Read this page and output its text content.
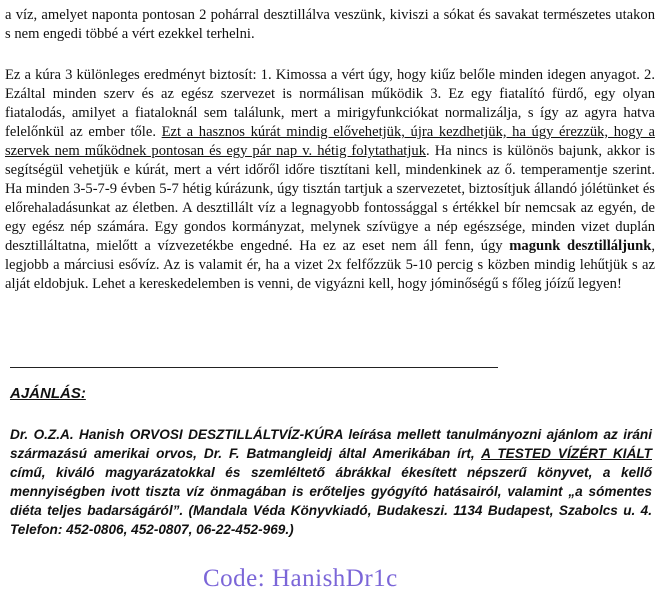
a víz, amelyet naponta pontosan 2 pohárral desztillálva veszünk, kiviszi a sókat és savakat természetes utakon s nem engedi többé a vért ezekkel terhelni.
Ez a kúra 3 különleges eredményt biztosít: 1. Kimossa a vért úgy, hogy kiűz belőle minden idegen anyagot. 2. Ezáltal minden szerv és az egész szervezet is normálisan működik 3. Ez egy fiatalító fürdő, egy olyan fiatalodás, amilyet a fiataloknál sem találunk, mert a mirigyfunkciókat normalizálja, s így az agyra hatva felelőnkül az ember tőle. Ezt a hasznos kúrát mindig elővehetjük, újra kezdhetjük, ha úgy érezzük, hogy a szervek nem működnek pontosan és egy pár nap v. hétig folytathatjuk. Ha nincs is különös bajunk, akkor is segítségül vehetjük e kúrát, mert a vért időről időre tisztítani kell, mindenkinek az ő. temperamentje szerint. Ha minden 3-5-7-9 évben 5-7 hétig kúrázunk, úgy tisztán tartjuk a szervezetet, biztosítjuk állandó jólétünket és előrehaladásunkat az életben. A desztillált víz a legnagyobb fontossággal s értékkel bír nemcsak az egyén, de egy egész nép számára. Egy gondos kormányzat, melynek szívügye a nép egészsége, minden vizet duplán desztilláltatna, mielőtt a vízvezetékbe engedné. Ha ez az eset nem áll fenn, úgy magunk desztilláljunk, legjobb a márciusi esővíz. Az is valamit ér, ha a vizet 2x felfőzzük 5-10 percig s közben mindig lehűtjük s az alját eldobjuk. Lehet a kereskedelemben is venni, de vigyázni kell, hogy jóminőségű s főleg jóízű legyen!
AJÁNLÁS:
Dr. O.Z.A. Hanish ORVOSI DESZTILLÁLTVÍZ-KÚRA leírása mellett tanulmányozni ajánlom az iráni származású amerikai orvos, Dr. F. Batmangleidj által Amerikában írt, A TESTED VÍZÉRT KIÁLT című, kiváló magyarázatokkal és szemléltető ábrákkal ékesített népszerű könyvet, a kellő mennyiségben ivott tiszta víz önmagában is erőteljes gyógyító hatásairól, valamint „a sómentes diéta teljes badarságáról”. (Mandala Véda Könyvkiadó, Budakeszi. 1134 Budapest, Szabolcs u. 4. Telefon: 452-0806, 452-0807, 06-22-452-969.)
Code: HanishDr1c
